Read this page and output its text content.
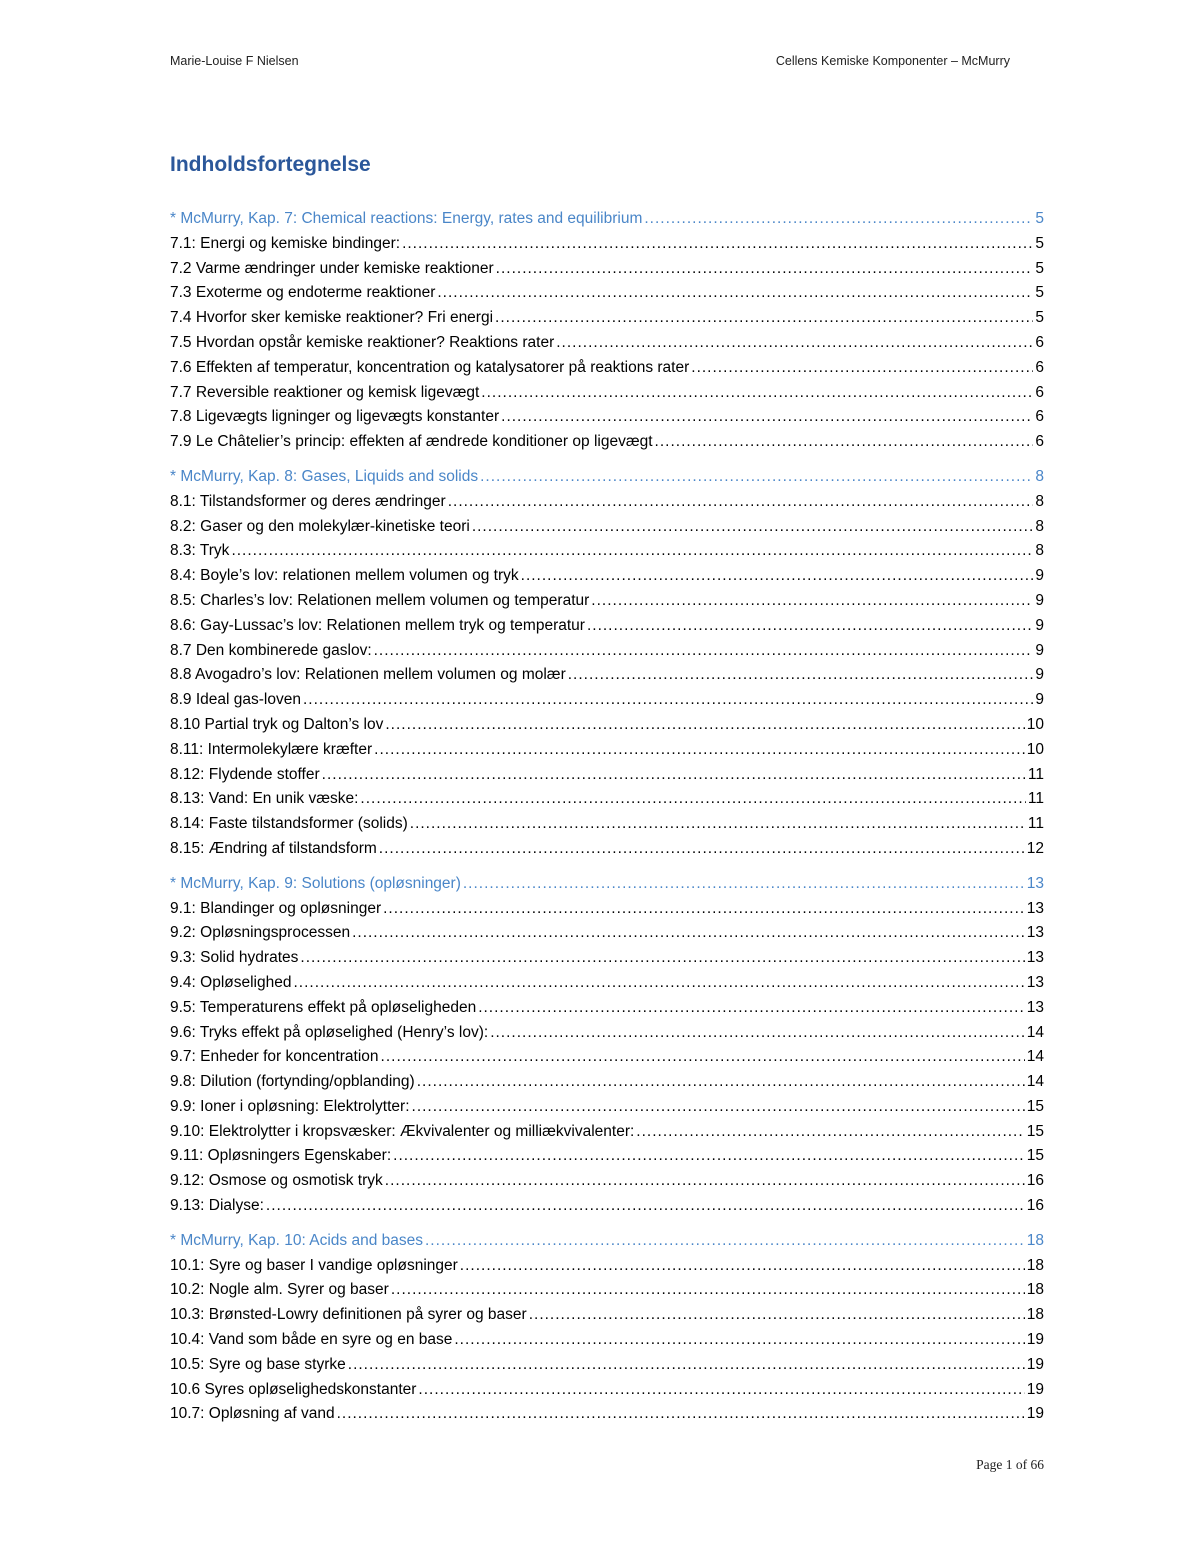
Marie-Louise F Nielsen	Cellens Kemiske Komponenter – McMurry
Indholdsfortegnelse
* McMurry, Kap. 7: Chemical reactions: Energy, rates and equilibrium .....	5
7.1: Energi og kemiske bindinger: .....	5
7.2 Varme ændringer under kemiske reaktioner .....	5
7.3 Exoterme og endoterme reaktioner .....	5
7.4 Hvorfor sker kemiske reaktioner? Fri energi .....	5
7.5 Hvordan opstår kemiske reaktioner? Reaktions rater .....	6
7.6 Effekten af temperatur, koncentration og katalysatorer på reaktions rater .....	6
7.7 Reversible reaktioner og kemisk ligevægt .....	6
7.8 Ligevægts ligninger og ligevægts konstanter .....	6
7.9 Le Châtelier’s princip: effekten af ændrede konditioner op ligevægt .....	6
* McMurry, Kap. 8: Gases, Liquids and solids .....	8
8.1: Tilstandsformer og deres ændringer .....	8
8.2: Gaser og den molekylær-kinetiske teori .....	8
8.3: Tryk .....	8
8.4: Boyle’s lov: relationen mellem volumen og tryk .....	9
8.5: Charles’s lov: Relationen mellem volumen og temperatur .....	9
8.6: Gay-Lussac’s lov: Relationen mellem tryk og temperatur .....	9
8.7 Den kombinerede gaslov: .....	9
8.8 Avogadro’s lov: Relationen mellem volumen og molær .....	9
8.9 Ideal gas-loven .....	9
8.10 Partial tryk og Dalton’s lov .....	10
8.11: Intermolekylære kræfter .....	10
8.12: Flydende stoffer .....	11
8.13: Vand: En unik væske: .....	11
8.14: Faste tilstandsformer (solids) .....	11
8.15: Ændring af tilstandsform .....	12
* McMurry, Kap. 9: Solutions (opløsninger) .....	13
9.1: Blandinger og opløsninger .....	13
9.2: Opløsningsprocessen .....	13
9.3: Solid hydrates .....	13
9.4: Opløselighed .....	13
9.5: Temperaturens effekt på opløseligheden .....	13
9.6: Tryks effekt på opløselighed (Henry’s lov): .....	14
9.7: Enheder for koncentration .....	14
9.8: Dilution (fortynding/opblanding) .....	14
9.9: Ioner i opløsning: Elektrolytter: .....	15
9.10: Elektrolytter i kropsvæsker: Ækvivalenter og milliækvivalenter: .....	15
9.11: Opløsningers Egenskaber: .....	15
9.12: Osmose og osmotisk tryk .....	16
9.13: Dialyse: .....	16
* McMurry, Kap. 10: Acids and bases .....	18
10.1: Syre og baser I vandige opløsninger .....	18
10.2: Nogle alm. Syrer og baser .....	18
10.3: Brønsted-Lowry definitionen på syrer og baser .....	18
10.4: Vand som både en syre og en base .....	19
10.5: Syre og base styrke .....	19
10.6 Syres opløselighedskonstanter .....	19
10.7: Opløsning af vand .....	19
Page 1 of 66
